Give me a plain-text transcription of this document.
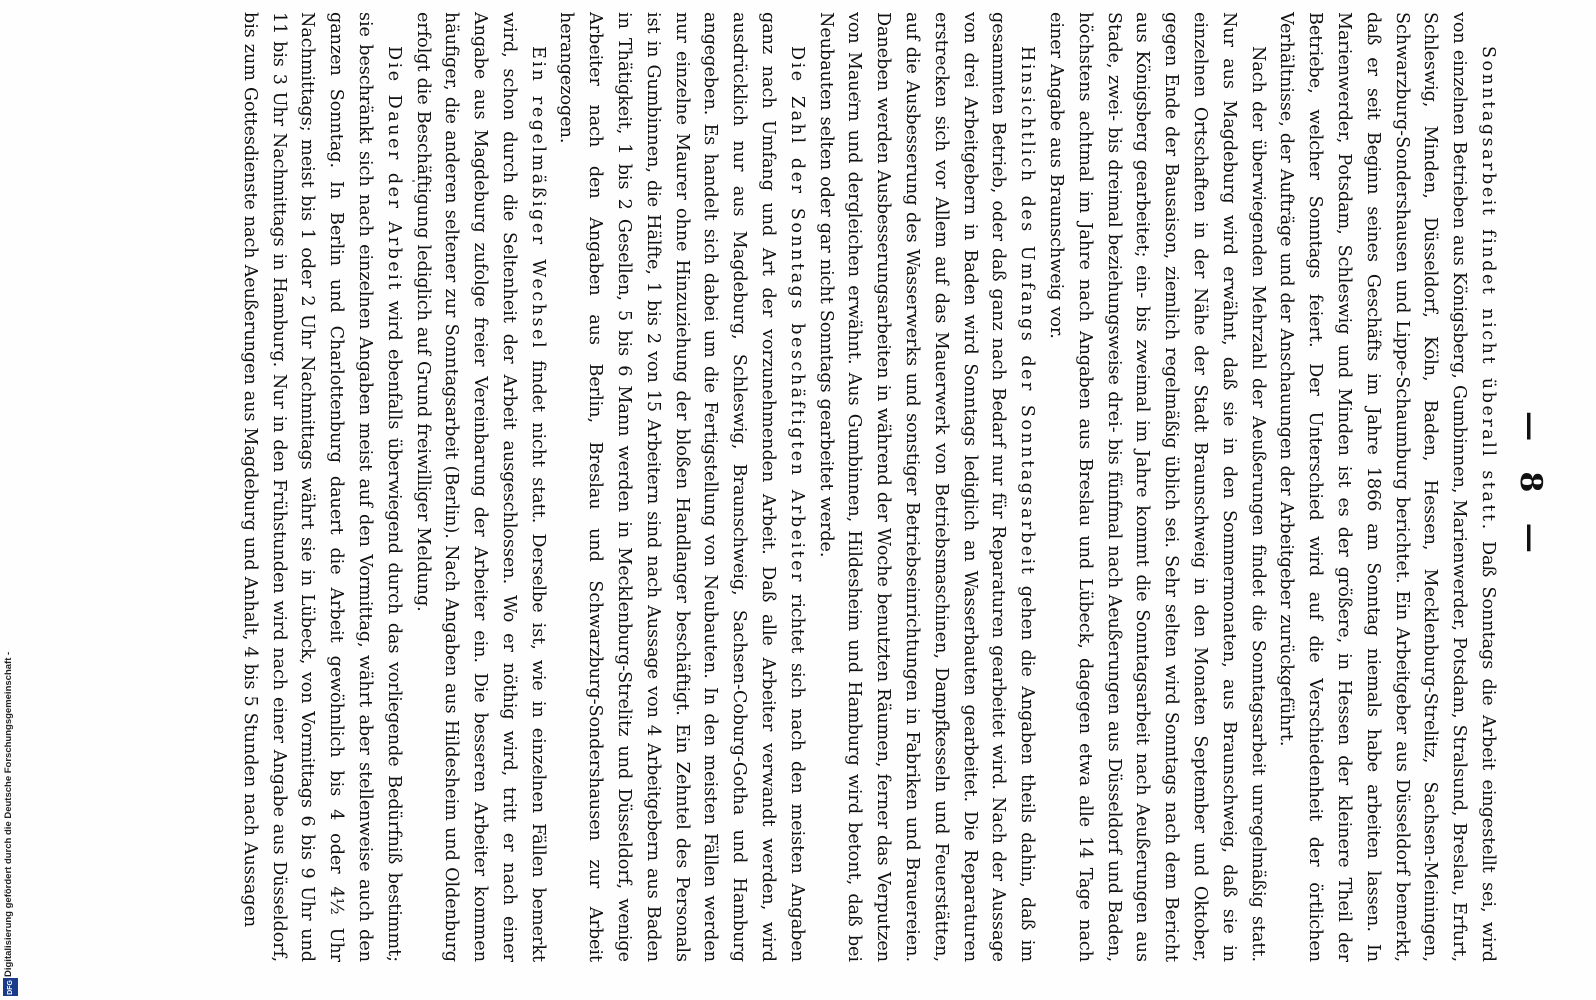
— 8 —

Sonntagsarbeit findet nicht überall statt. Daß Sonntags die Arbeit eingestellt sei, wird von einzelnen Betrieben aus Königsberg, Gumbinnen, Marienwerder, Potsdam, Stralsund, Breslau, Erfurt, Schleswig, Minden, Düsseldorf, Köln, Baden, Hessen, Mecklenburg-Strelitz, Sachsen-Meiningen, Schwarzburg-Sondershausen und Lippe-Schaumburg berichtet. Ein Arbeitgeber aus Düsseldorf bemerkt, daß er seit Beginn seines Geschäfts im Jahre 1866 am Sonntag niemals habe arbeiten lassen. In Marienwerder, Potsdam, Schleswig und Minden ist es der größere, in Hessen der kleinere Theil der Betriebe, welcher Sonntags feiert. Der Unterschied wird auf die Verschiedenheit der örtlichen Verhältnisse, der Aufträge und der Anschauungen der Arbeitgeber zurückgeführt.

Nach der überwiegenden Mehrzahl der Aeußerungen findet die Sonntagsarbeit unregelmäßig statt. Nur aus Magdeburg wird erwähnt, daß sie in den Sommermonaten, aus Braunschweig, daß sie in einzelnen Ortschaften in der Nähe der Stadt Braunschweig in den Monaten September und Oktober, gegen Ende der Bausaison, ziemlich regelmäßig üblich sei. Sehr selten wird Sonntags nach dem Bericht aus Königsberg gearbeitet; ein- bis zweimal im Jahre kommt die Sonntagsarbeit nach Aeußerungen aus Stade, zwei- bis dreimal beziehungsweise drei- bis fünfmal nach Aeußerungen aus Düsseldorf und Baden, höchstens achtmal im Jahre nach Angaben aus Breslau und Lübeck, dagegen etwa alle 14 Tage nach einer Angabe aus Braunschweig vor.

Hinsichtlich des Umfangs der Sonntagsarbeit gehen die Angaben theils dahin, daß im gesammten Betrieb, oder daß ganz nach Bedarf nur für Reparaturen gearbeitet wird. Nach der Aussage von drei Arbeitgebern in Baden wird Sonntags lediglich an Wasserbauten gearbeitet. Die Reparaturen erstrecken sich vor Allem auf das Mauerwerk von Betriebsmaschinen, Dampfkesseln und Feuerstätten, auf die Ausbesserung des Wasserwerks und sonstiger Betriebseinrichtungen in Fabriken und Brauereien. Daneben werden Ausbesserungsarbeiten in während der Woche benutzten Räumen, ferner das Verputzen von Mauern und dergleichen erwähnt. Aus Gumbinnen, Hildesheim und Hamburg wird betont, daß bei Neubauten selten oder gar nicht Sonntags gearbeitet werde.

Die Zahl der Sonntags beschäftigten Arbeiter richtet sich nach den meisten Angaben ganz nach Umfang und Art der vorzunehmenden Arbeit. Daß alle Arbeiter verwandt werden, wird ausdrücklich nur aus Magdeburg, Schleswig, Braunschweig, Sachsen-Coburg-Gotha und Hamburg angegeben. Es handelt sich dabei um die Fertigstellung von Neubauten. In den meisten Fällen werden nur einzelne Maurer ohne Hinzuziehung der bloßen Handlanger beschäftigt. Ein Zehntel des Personals ist in Gumbinnen, die Hälfte, 1 bis 2 von 15 Arbeitern sind nach Aussage von 4 Arbeitgebern aus Baden in Thätigkeit, 1 bis 2 Gesellen, 5 bis 6 Mann werden in Mecklenburg-Strelitz und Düsseldorf, wenige Arbeiter nach den Angaben aus Berlin, Breslau und Schwarzburg-Sondershausen zur Arbeit herangezogen.

Ein regelmäßiger Wechsel findet nicht statt. Derselbe ist, wie in einzelnen Fällen bemerkt wird, schon durch die Seltenheit der Arbeit ausgeschlossen. Wo er nöthig wird, tritt er nach einer Angabe aus Magdeburg zufolge freier Vereinbarung der Arbeiter ein. Die besseren Arbeiter kommen häufiger, die anderen seltener zur Sonntagsarbeit (Berlin). Nach Angaben aus Hildesheim und Oldenburg erfolgt die Beschäftigung lediglich auf Grund freiwilliger Meldung.

Die Dauer der Arbeit wird ebenfalls überwiegend durch das vorliegende Bedürfniß bestimmt; sie beschränkt sich nach einzelnen Angaben meist auf den Vormittag, währt aber stellenweise auch den ganzen Sonntag. In Berlin und Charlottenburg dauert die Arbeit gewöhnlich bis 4 oder 4½ Uhr Nachmittags; meist bis 1 oder 2 Uhr Nachmittags währt sie in Lübeck, von Vormittags 6 bis 9 Uhr und 11 bis 3 Uhr Nachmittags in Hamburg. Nur in den Frühstunden wird nach einer Angabe aus Düsseldorf, bis zum Gottesdienste nach Aeußerungen aus Magdeburg und Anhalt, 4 bis 5 Stunden nach Aussagen

Digitalisierung gefördert durch die Deutsche Forschungsgemeinschaft -
DFG
